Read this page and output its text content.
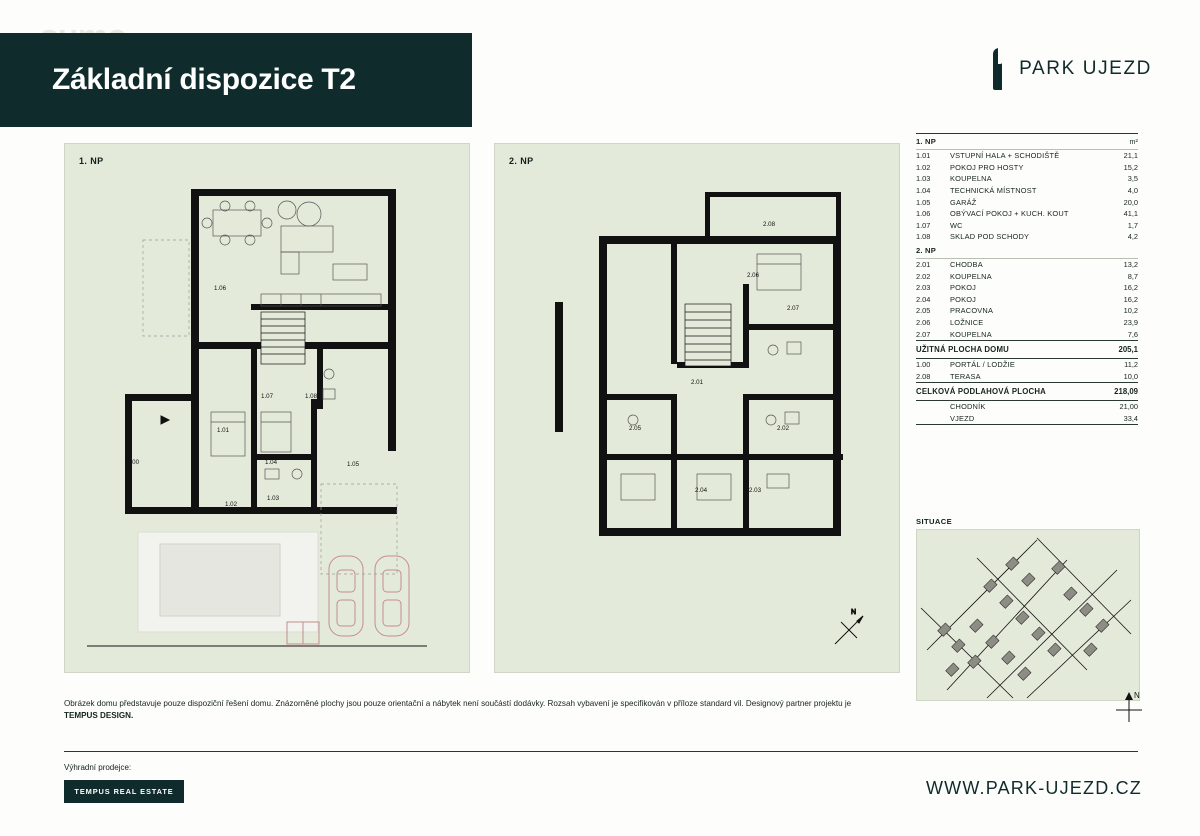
Základní dispozice T2	PARK UJEZD
1. NP
1.06
1.00
1.01
1.02
1.03
1.04	1.05
1.07	1.08
2. NP
2.08
2.06
2.07
2.01
2.05	2.02
2.04	2.03
N
1. NP	m²
1.01	VSTUPNÍ HALA + SCHODIŠTĚ	21,1
1.02	POKOJ PRO HOSTY	15,2
1.03	KOUPELNA	3,5
1.04	TECHNICKÁ MÍSTNOST	4,0
1.05	GARÁŽ	20,0
1.06	OBÝVACÍ POKOJ + KUCH. KOUT	41,1
1.07	WC	1,7
1.08	SKLAD POD SCHODY	4,2
2. NP
2.01	CHODBA	13,2
2.02	KOUPELNA	8,7
2.03	POKOJ	16,2
2.04	POKOJ	16,2
2.05	PRACOVNA	10,2
2.06	LOŽNICE	23,9
2.07	KOUPELNA	7,6
UŽITNÁ PLOCHA DOMU	205,1
1.00	PORTÁL / LODŽIE	11,2
2.08	TERASA	10,0
CELKOVÁ PODLAHOVÁ PLOCHA	218,09
CHODNÍK	21,00
VJEZD	33,4
SITUACE
N
Obrázek domu představuje pouze dispoziční řešení domu. Znázorněné plochy jsou pouze orientační a nábytek není součástí dodávky. Rozsah vybavení je specifikován v příloze standard vil. Designový partner projektu je TEMPUS DESIGN.
Výhradní prodejce:
TEMPUS REAL ESTATE	WWW.PARK-UJEZD.CZ
